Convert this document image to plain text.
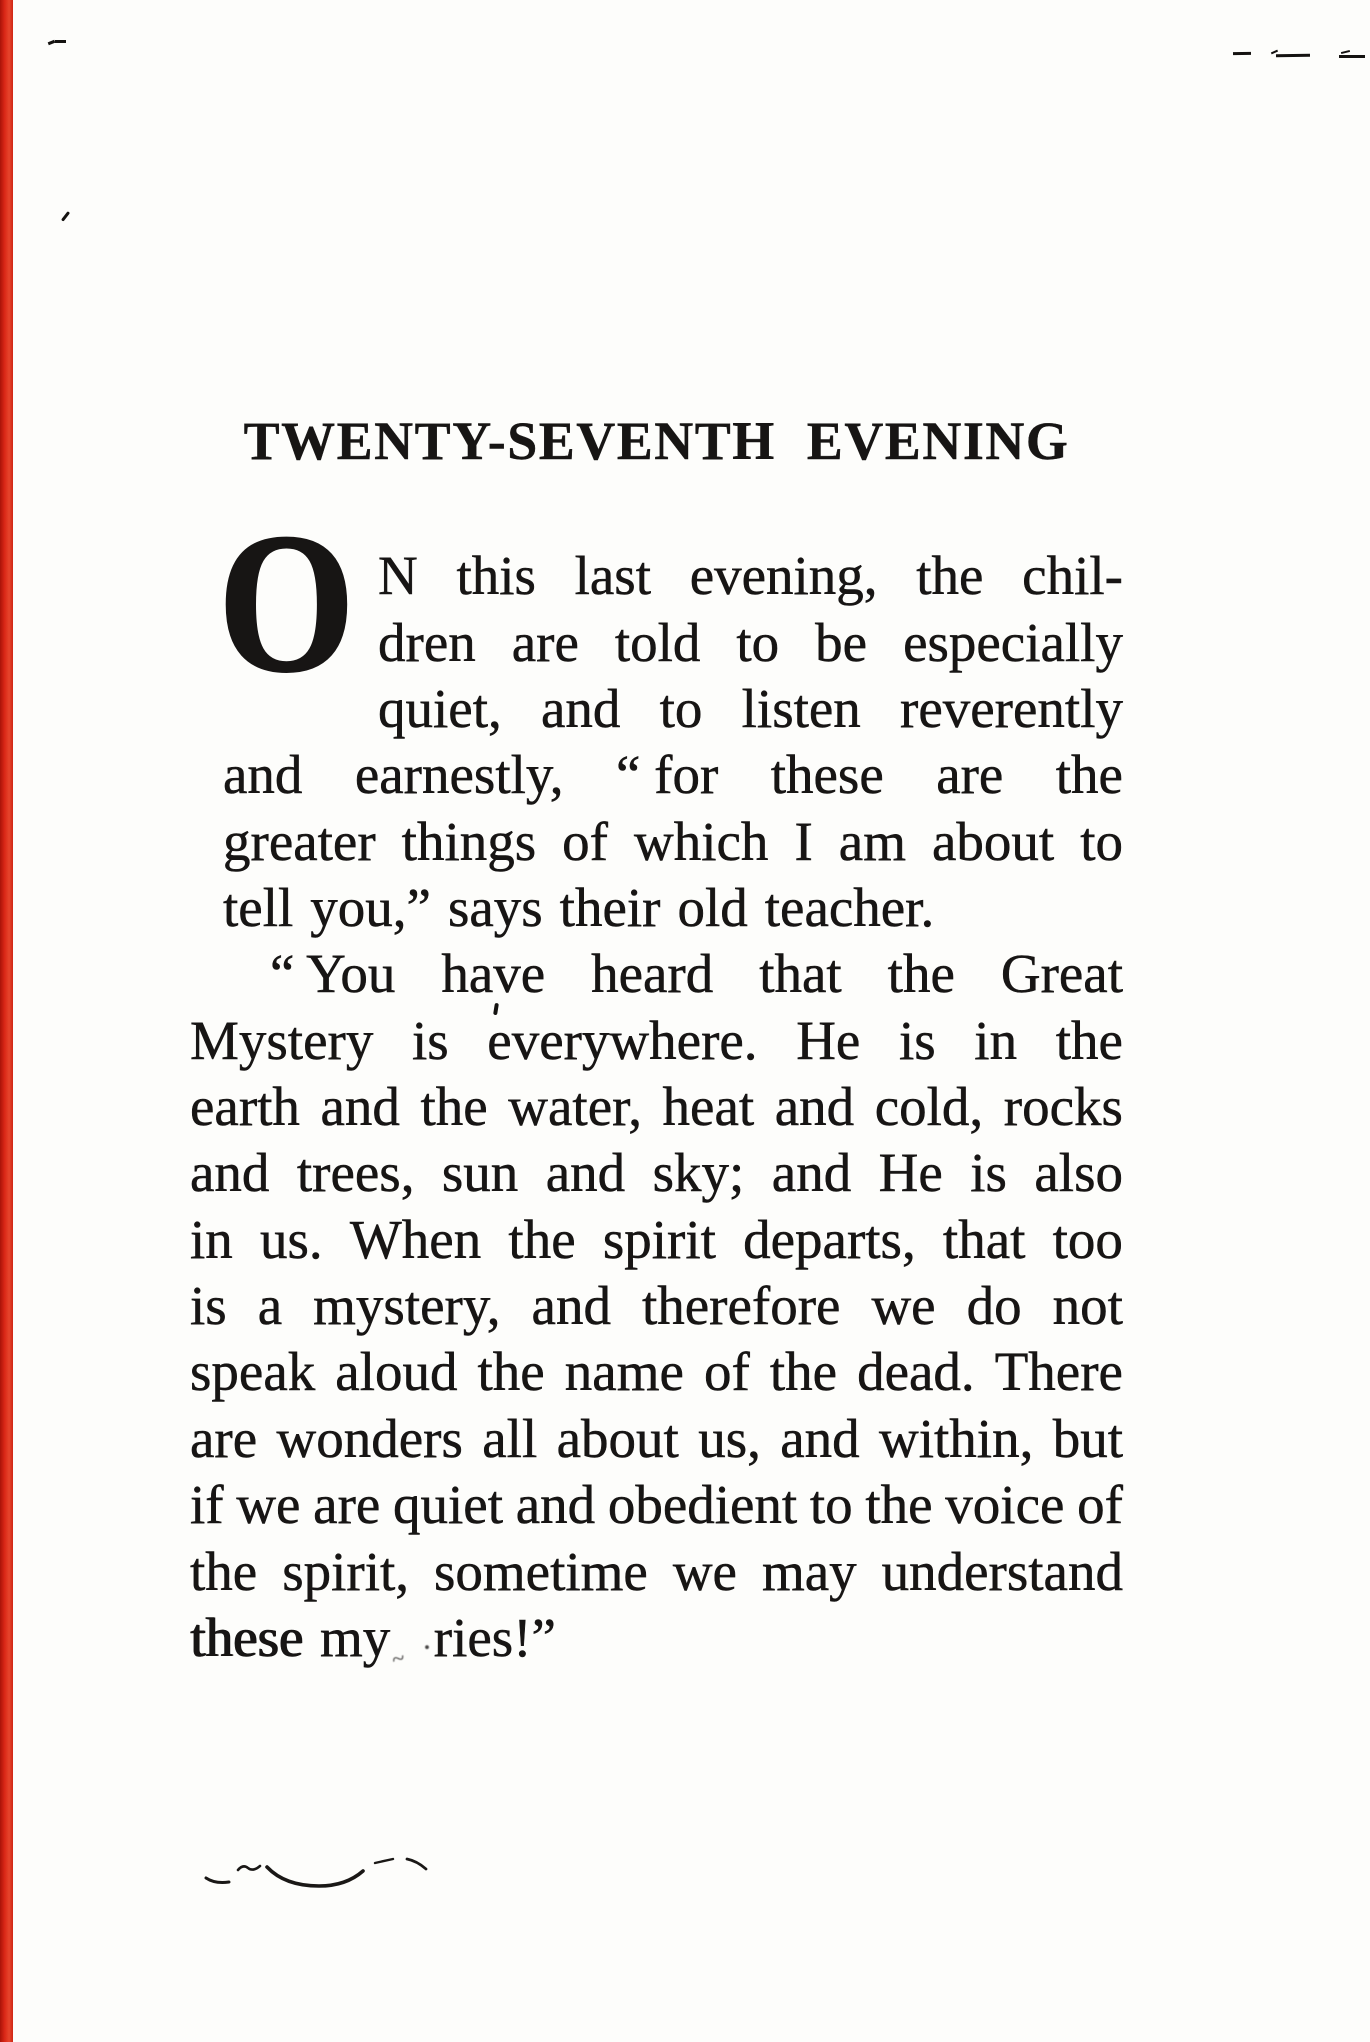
TWENTY-SEVENTH EVENING
O N this last evening, the chil-
dren are told to be especially
quiet, and to listen reverently
and earnestly, “ for these are the
greater things of which I am about to
tell you,” says their old teacher.
“ You have heard that the Great
Mystery is everywhere. He is in the
earth and the water, heat and cold, rocks
and trees, sun and sky; and He is also
in us. When the spirit departs, that too
is a mystery, and therefore we do not
speak aloud the name of the dead. There
are wonders all about us, and within, but
if we are quiet and obedient to the voice of
the spirit, sometime we may understand
these my~ ·ries!”
